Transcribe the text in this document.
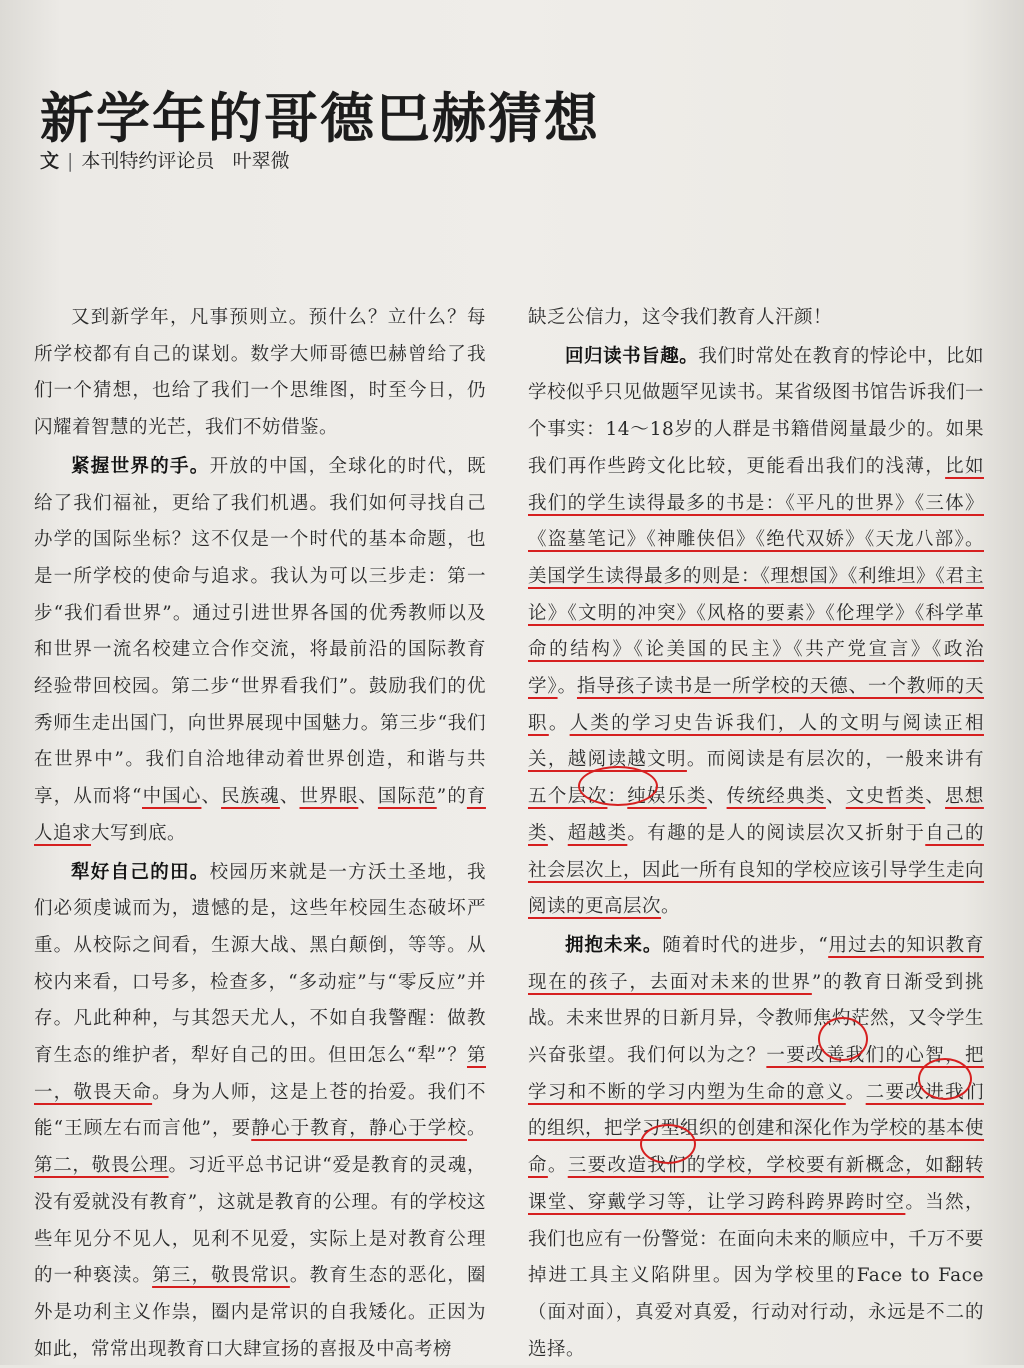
新学年的哥德巴赫猜想
文 | 本刊特约评论员 叶翠微

又到新学年，凡事预则立。预什么？立什么？每所学校都有自己的谋划。数学大师哥德巴赫曾给了我们一个猜想，也给了我们一个思维图，时至今日，仍闪耀着智慧的光芒，我们不妨借鉴。

紧握世界的手。开放的中国，全球化的时代，既给了我们福祉，更给了我们机遇。我们如何寻找自己办学的国际坐标？这不仅是一个时代的基本命题，也是一所学校的使命与追求。我认为可以三步走：第一步“我们看世界”。通过引进世界各国的优秀教师以及和世界一流名校建立合作交流，将最前沿的国际教育经验带回校园。第二步“世界看我们”。鼓励我们的优秀师生走出国门，向世界展现中国魅力。第三步“我们在世界中”。我们自洽地律动着世界创造，和谐与共享，从而将“中国心、民族魂、世界眼、国际范”的育人追求大写到底。

犁好自己的田。校园历来就是一方沃土圣地，我们必须虔诚而为，遗憾的是，这些年校园生态破坏严重。从校际之间看，生源大战、黑白颠倒，等等。从校内来看，口号多，检查多，“多动症”与“零反应”并存。凡此种种，与其怨天尤人，不如自我警醒：做教育生态的维护者，犁好自己的田。但田怎么“犁”？第一，敬畏天命。身为人师，这是上苍的抬爱。我们不能“王顾左右而言他”，要静心于教育，静心于学校。第二，敬畏公理。习近平总书记讲“爱是教育的灵魂，没有爱就没有教育”，这就是教育的公理。有的学校这些年见分不见人，见利不见爱，实际上是对教育公理的一种亵渎。第三，敬畏常识。教育生态的恶化，圈外是功利主义作祟，圈内是常识的自我矮化。正因为如此，常常出现教育口大肆宣扬的喜报及中高考榜

缺乏公信力，这令我们教育人汗颜！

回归读书旨趣。我们时常处在教育的悖论中，比如学校似乎只见做题罕见读书。某省级图书馆告诉我们一个事实：14～18岁的人群是书籍借阅量最少的。如果我们再作些跨文化比较，更能看出我们的浅薄，比如我们的学生读得最多的书是：《平凡的世界》《三体》《盗墓笔记》《神雕侠侣》《绝代双娇》《天龙八部》。美国学生读得最多的则是：《理想国》《利维坦》《君主论》《文明的冲突》《风格的要素》《伦理学》《科学革命的结构》《论美国的民主》《共产党宣言》《政治学》。指导孩子读书是一所学校的天德、一个教师的天职。人类的学习史告诉我们，人的文明与阅读正相关，越阅读越文明。而阅读是有层次的，一般来讲有五个层次：纯娱乐类、传统经典类、文史哲类、思想类、超越类。有趣的是人的阅读层次又折射于自己的社会层次上，因此一所有良知的学校应该引导学生走向阅读的更高层次。

拥抱未来。随着时代的进步，“用过去的知识教育现在的孩子，去面对未来的世界”的教育日渐受到挑战。未来世界的日新月异，令教师焦灼茫然，又令学生兴奋张望。我们何以为之？一要改善我们的心智，把学习和不断的学习内塑为生命的意义。二要改进我们的组织，把学习型组织的创建和深化作为学校的基本使命。三要改造我们的学校，学校要有新概念，如翻转课堂、穿戴学习等，让学习跨科跨界跨时空。当然，我们也应有一份警觉：在面向未来的顺应中，千万不要掉进工具主义陷阱里。因为学校里的Face to Face（面对面），真爱对真爱，行动对行动，永远是不二的选择。
